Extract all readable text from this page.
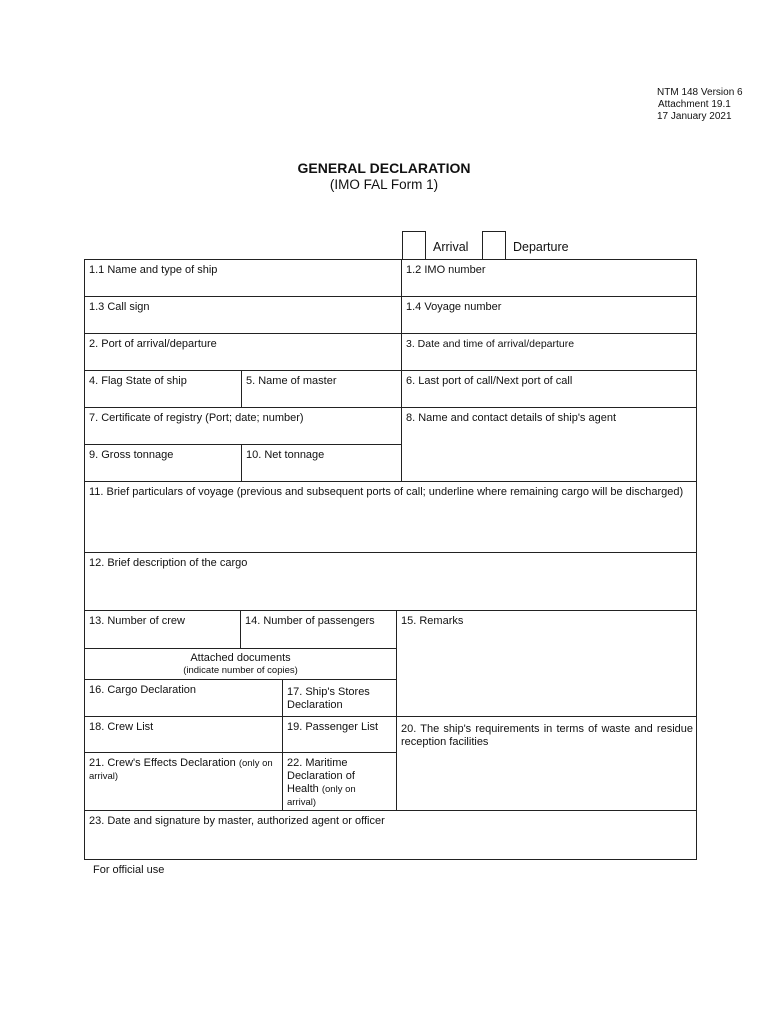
NTM 148 Version 6
Attachment 19.1
17 January 2021
GENERAL DECLARATION
(IMO FAL Form 1)
Arrival	Departure
1.1 Name and type of ship	1.2 IMO number
1.3 Call sign	1.4 Voyage number
2. Port of arrival/departure	3. Date and time of arrival/departure
4. Flag State of ship	5. Name of master	6. Last port of call/Next port of call
7. Certificate of registry (Port; date; number)	8. Name and contact details of ship's agent
9. Gross tonnage	10. Net tonnage
11. Brief particulars of voyage (previous and subsequent ports of call; underline where remaining cargo will be discharged)
12. Brief description of the cargo
13. Number of crew	14. Number of passengers 15. Remarks
Attached documents
(indicate number of copies)
16. Cargo Declaration	17. Ship's Stores Declaration
18. Crew List	19. Passenger List 20. The ship's requirements in terms of waste and residue reception facilities
21. Crew's Effects Declaration (only on arrival)
22. Maritime Declaration of Health (only on arrival)
23. Date and signature by master, authorized agent or officer
For official use
